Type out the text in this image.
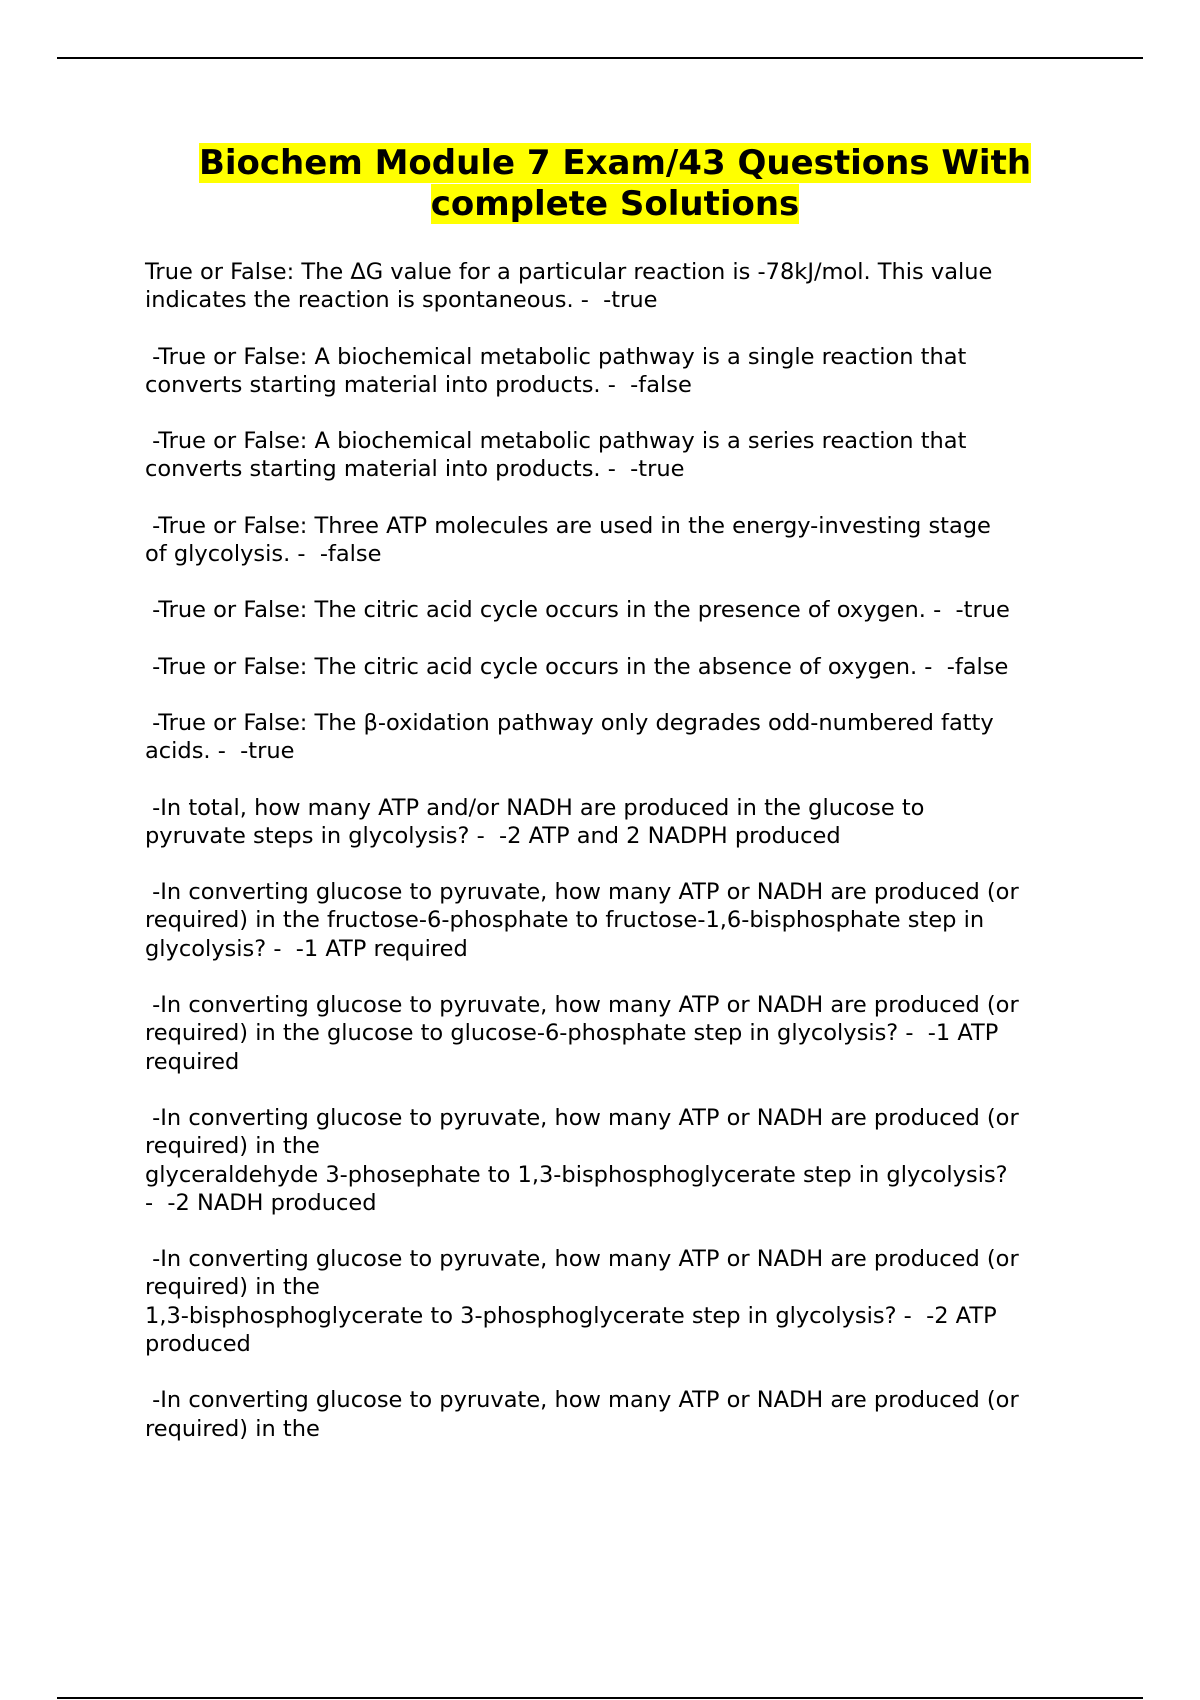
Biochem Module 7 Exam/43 Questions With
complete Solutions

True or False: The ΔG value for a particular reaction is -78kJ/mol. This value
indicates the reaction is spontaneous. -  -true

-True or False: A biochemical metabolic pathway is a single reaction that
converts starting material into products. -  -false

-True or False: A biochemical metabolic pathway is a series reaction that
converts starting material into products. -  -true

-True or False: Three ATP molecules are used in the energy-investing stage
of glycolysis. -  -false

-True or False: The citric acid cycle occurs in the presence of oxygen. -  -true

-True or False: The citric acid cycle occurs in the absence of oxygen. -  -false

-True or False: The β-oxidation pathway only degrades odd-numbered fatty
acids. -  -true

-In total, how many ATP and/or NADH are produced in the glucose to
pyruvate steps in glycolysis? -  -2 ATP and 2 NADPH produced

-In converting glucose to pyruvate, how many ATP or NADH are produced (or
required) in the fructose-6-phosphate to fructose-1,6-bisphosphate step in
glycolysis? -  -1 ATP required

-In converting glucose to pyruvate, how many ATP or NADH are produced (or
required) in the glucose to glucose-6-phosphate step in glycolysis? -  -1 ATP
required

-In converting glucose to pyruvate, how many ATP or NADH are produced (or
required) in the
glyceraldehyde 3-phosephate to 1,3-bisphosphoglycerate step in glycolysis?
-  -2 NADH produced

-In converting glucose to pyruvate, how many ATP or NADH are produced (or
required) in the
1,3-bisphosphoglycerate to 3-phosphoglycerate step in glycolysis? -  -2 ATP
produced

-In converting glucose to pyruvate, how many ATP or NADH are produced (or
required) in the
